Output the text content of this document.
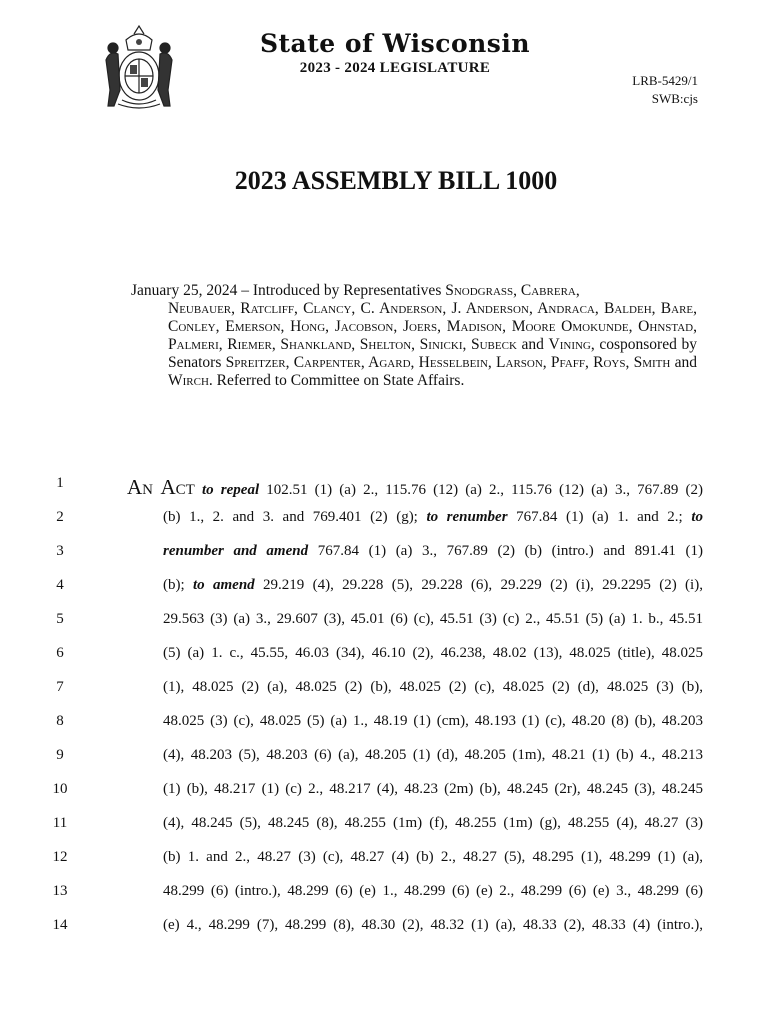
State of Wisconsin
2023 - 2024 LEGISLATURE
LRB-5429/1
SWB:cjs
2023 ASSEMBLY BILL 1000
January 25, 2024 – Introduced by Representatives Snodgrass, Cabrera,
Neubauer, Ratcliff, Clancy, C. Anderson, J. Anderson, Andraca, Baldeh, Bare, Conley, Emerson, Hong, Jacobson, Joers, Madison, Moore Omokunde, Ohnstad, Palmeri, Riemer, Shankland, Shelton, Sinicki, Subeck and Vining, cosponsored by Senators Spreitzer, Carpenter, Agard, Hesselbein, Larson, Pfaff, Roys, Smith and Wirch. Referred to Committee on State Affairs.
1	An Act to repeal 102.51 (1) (a) 2., 115.76 (12) (a) 2., 115.76 (12) (a) 3., 767.89 (2)
2	(b) 1., 2. and 3. and 769.401 (2) (g); to renumber 767.84 (1) (a) 1. and 2.; to
3	renumber and amend 767.84 (1) (a) 3., 767.89 (2) (b) (intro.) and 891.41 (1)
4	(b); to amend 29.219 (4), 29.228 (5), 29.228 (6), 29.229 (2) (i), 29.2295 (2) (i),
5	29.563 (3) (a) 3., 29.607 (3), 45.01 (6) (c), 45.51 (3) (c) 2., 45.51 (5) (a) 1. b., 45.51
6	(5) (a) 1. c., 45.55, 46.03 (34), 46.10 (2), 46.238, 48.02 (13), 48.025 (title), 48.025
7	(1), 48.025 (2) (a), 48.025 (2) (b), 48.025 (2) (c), 48.025 (2) (d), 48.025 (3) (b),
8	48.025 (3) (c), 48.025 (5) (a) 1., 48.19 (1) (cm), 48.193 (1) (c), 48.20 (8) (b), 48.203
9	(4), 48.203 (5), 48.203 (6) (a), 48.205 (1) (d), 48.205 (1m), 48.21 (1) (b) 4., 48.213
10	(1) (b), 48.217 (1) (c) 2., 48.217 (4), 48.23 (2m) (b), 48.245 (2r), 48.245 (3), 48.245
11	(4), 48.245 (5), 48.245 (8), 48.255 (1m) (f), 48.255 (1m) (g), 48.255 (4), 48.27 (3)
12	(b) 1. and 2., 48.27 (3) (c), 48.27 (4) (b) 2., 48.27 (5), 48.295 (1), 48.299 (1) (a),
13	48.299 (6) (intro.), 48.299 (6) (e) 1., 48.299 (6) (e) 2., 48.299 (6) (e) 3., 48.299 (6)
14	(e) 4., 48.299 (7), 48.299 (8), 48.30 (2), 48.32 (1) (a), 48.33 (2), 48.33 (4) (intro.),
